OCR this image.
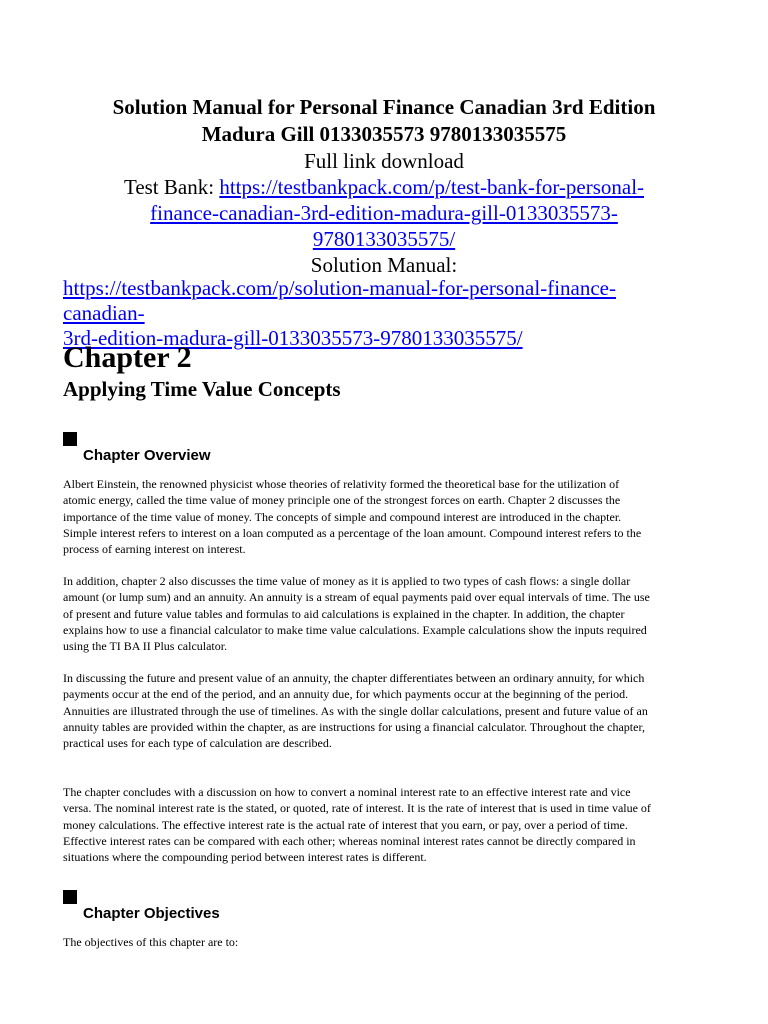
Solution Manual for Personal Finance Canadian 3rd Edition
Madura Gill 0133035573 9780133035575
Full link download
Test Bank: https://testbankpack.com/p/test-bank-for-personal-
finance-canadian-3rd-edition-madura-gill-0133035573-
9780133035575/
Solution Manual:
https://testbankpack.com/p/solution-manual-for-personal-finance-canadian-
3rd-edition-madura-gill-0133035573-9780133035575/
Chapter 2
Applying Time Value Concepts
Chapter Overview
Albert Einstein, the renowned physicist whose theories of relativity formed the theoretical base for the utilization of atomic energy, called the time value of money principle one of the strongest forces on earth. Chapter 2 discusses the importance of the time value of money. The concepts of simple and compound interest are introduced in the chapter. Simple interest refers to interest on a loan computed as a percentage of the loan amount. Compound interest refers to the process of earning interest on interest.
In addition, chapter 2 also discusses the time value of money as it is applied to two types of cash flows: a single dollar amount (or lump sum) and an annuity. An annuity is a stream of equal payments paid over equal intervals of time. The use of present and future value tables and formulas to aid calculations is explained in the chapter. In addition, the chapter explains how to use a financial calculator to make time value calculations. Example calculations show the inputs required using the TI BA II Plus calculator.
In discussing the future and present value of an annuity, the chapter differentiates between an ordinary annuity, for which payments occur at the end of the period, and an annuity due, for which payments occur at the beginning of the period. Annuities are illustrated through the use of timelines. As with the single dollar calculations, present and future value of an annuity tables are provided within the chapter, as are instructions for using a financial calculator. Throughout the chapter, practical uses for each type of calculation are described.
The chapter concludes with a discussion on how to convert a nominal interest rate to an effective interest rate and vice versa. The nominal interest rate is the stated, or quoted, rate of interest. It is the rate of interest that is used in time value of money calculations. The effective interest rate is the actual rate of interest that you earn, or pay, over a period of time. Effective interest rates can be compared with each other; whereas nominal interest rates cannot be directly compared in situations where the compounding period between interest rates is different.
Chapter Objectives
The objectives of this chapter are to:
